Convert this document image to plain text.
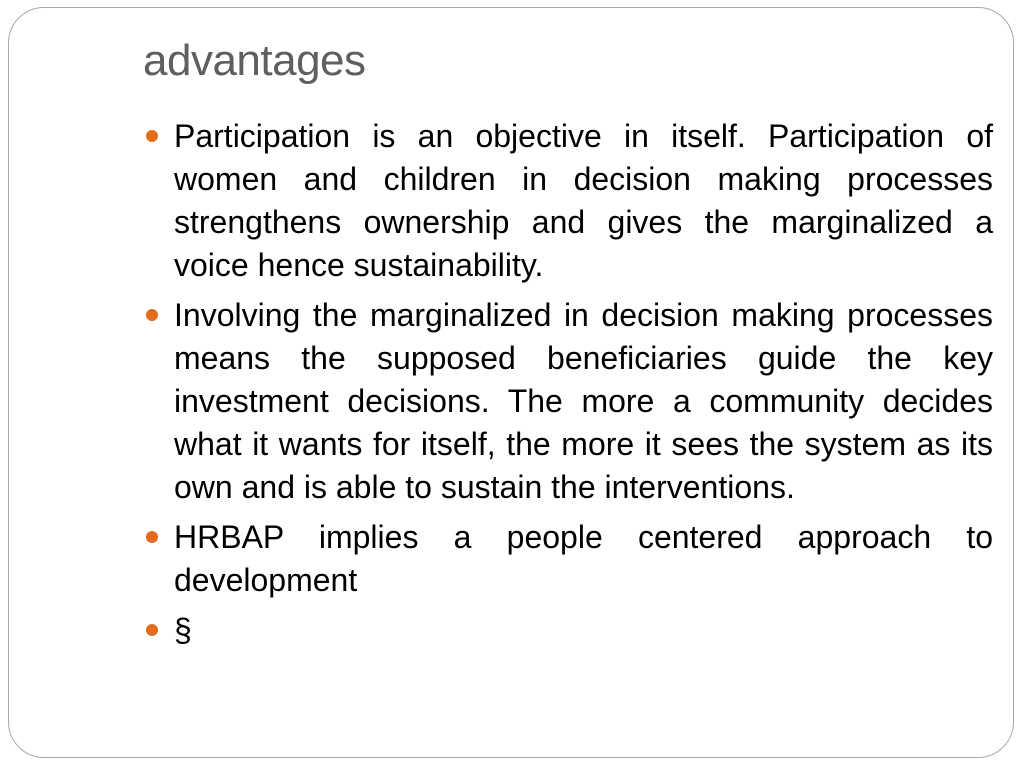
advantages
Participation is an objective in itself. Participation of women and children in decision making processes strengthens ownership and gives the marginalized a voice hence sustainability.
Involving the marginalized in decision making processes means the supposed beneficiaries guide the key investment decisions. The more a community decides what it wants for itself, the more it sees the system as its own and is able to sustain the interventions.
HRBAP implies a people centered approach to development
§
